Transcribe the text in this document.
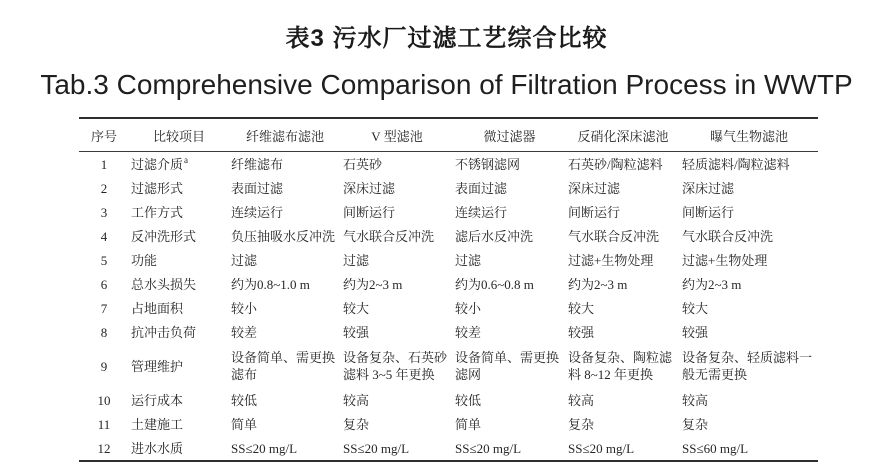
表3 污水厂过滤工艺综合比较
Tab.3 Comprehensive Comparison of Filtration Process in WWTP
序号	比较项目	纤维滤布滤池	V 型滤池	微过滤器	反硝化深床滤池	曝气生物滤池
1	过滤介质$^a$	纤维滤布	石英砂	不锈钢滤网	石英砂/陶粒滤料	轻质滤料/陶粒滤料
2	过滤形式	表面过滤	深床过滤	表面过滤	深床过滤	深床过滤
3	工作方式	连续运行	间断运行	连续运行	间断运行	间断运行
4	反冲洗形式	负压抽吸水反冲洗	气水联合反冲洗	滤后水反冲洗	气水联合反冲洗	气水联合反冲洗
5	功能	过滤	过滤	过滤	过滤+生物处理	过滤+生物处理
6	总水头损失	约为0.8~1.0 m	约为2~3 m	约为0.6~0.8 m	约为2~3 m	约为2~3 m
7	占地面积	较小	较大	较小	较大	较大
8	抗冲击负荷	较差	较强	较差	较强	较强
9	管理维护	设备简单、需更换滤布	设备复杂、石英砂滤料 3~5 年更换	设备简单、需更换滤网	设备复杂、陶粒滤料 8~12 年更换	设备复杂、轻质滤料一般无需更换
10	运行成本	较低	较高	较低	较高	较高
11	土建施工	简单	复杂	简单	复杂	复杂
12	进水水质	SS≤20 mg/L	SS≤20 mg/L	SS≤20 mg/L	SS≤20 mg/L	SS≤60 mg/L
